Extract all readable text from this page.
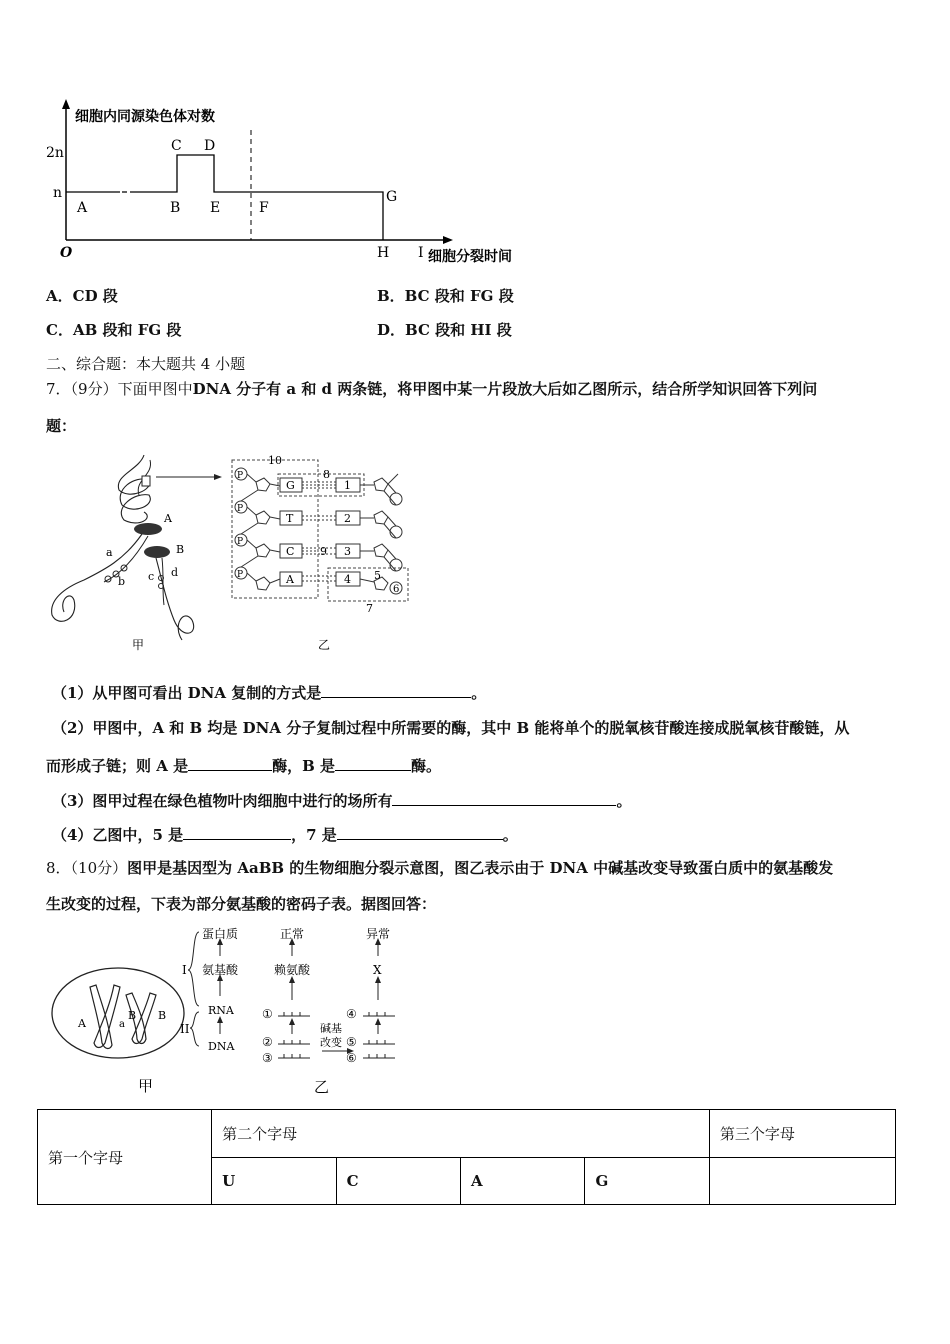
细胞内同源染色体对数
2n
n
O
C D
G
A	B E	F
H I 细胞分裂时间
A．CD 段	B．BC 段和 FG 段
C．AB 段和 FG 段	D．BC 段和 HI 段
二、综合题：本大题共 4 小题
7．（9分）下面甲图中DNA 分子有 a 和 d 两条链，将甲图中某一片段放大后如乙图所示，结合所学知识回答下列问
题：
A
B
a
b c d
甲
10
8
7
P
P
P
P
G
T
C
A
9
1
2
3
4 5
6
乙
（1）从甲图可看出 DNA 复制的方式是	。
（2）甲图中，A 和 B 均是 DNA 分子复制过程中所需要的酶，其中 B 能将单个的脱氧核苷酸连接成脱氧核苷酸链，从
而形成子链；则 A 是	酶，B 是	酶。
（3）图甲过程在绿色植物叶肉细胞中进行的场所有	。
（4）乙图中，5 是	，7 是	。
8．（10分）图甲是基因型为 AaBB 的生物细胞分裂示意图，图乙表示由于 DNA 中碱基改变导致蛋白质中的氨基酸发
生改变的过程，下表为部分氨基酸的密码子表。据图回答：
A	a
B B
甲
蛋白质
氨基酸
RNA
DNA
I
II
正常
赖氨酸
异常
X
①
②
③
④
⑤
⑥
碱基
改变
乙
第一个字母	第二个字母				第三个字母
	U	C	A	G	
